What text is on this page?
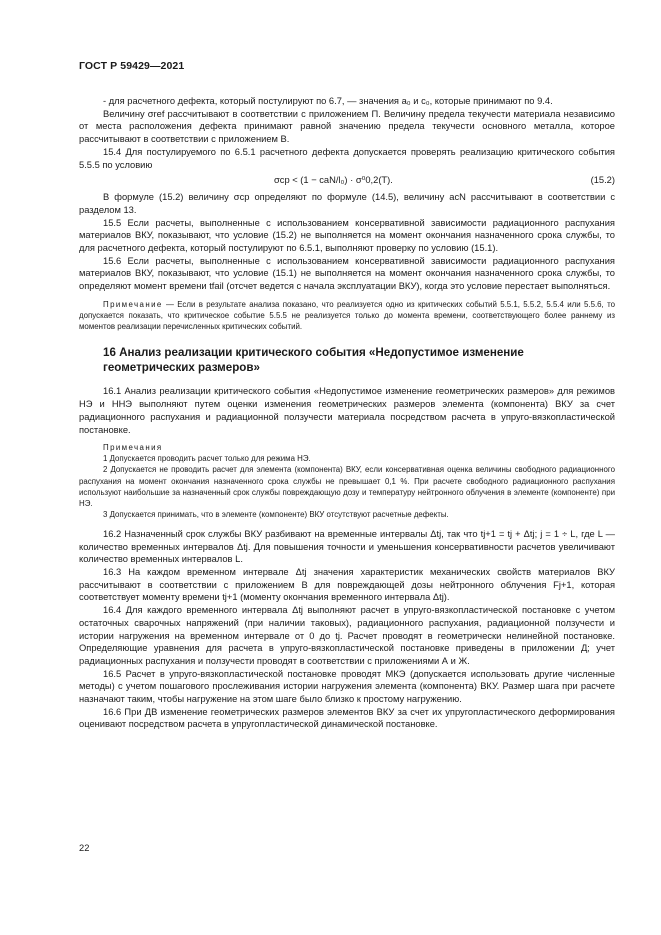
ГОСТ Р 59429—2021

- для расчетного дефекта, который постулируют по 6.7, — значения a₀ и c₀, которые принимают по 9.4.

Величину σref рассчитывают в соответствии с приложением П. Величину предела текучести материала независимо от места расположения дефекта принимают равной значению предела текучести основного металла, которое рассчитывают в соответствии с приложением В.

15.4 Для постулируемого по 6.5.1 расчетного дефекта допускается проверять реализацию критического события 5.5.5 по условию

σcp < (1 − caN/l₀) · σ⁰0,2(T).	(15.2)

В формуле (15.2) величину σcp определяют по формуле (14.5), величину acN рассчитывают в соответствии с разделом 13.

15.5 Если расчеты, выполненные с использованием консервативной зависимости радиационного распухания материалов ВКУ, показывают, что условие (15.2) не выполняется на момент окончания назначенного срока службы, то для расчетного дефекта, который постулируют по 6.5.1, выполняют проверку по условию (15.1).

15.6 Если расчеты, выполненные с использованием консервативной зависимости радиационного распухания материалов ВКУ, показывают, что условие (15.1) не выполняется на момент окончания назначенного срока службы, то определяют момент времени tfail (отсчет ведется с начала эксплуатации ВКУ), когда это условие перестает выполняться.

Примечание — Если в результате анализа показано, что реализуется одно из критических событий 5.5.1, 5.5.2, 5.5.4 или 5.5.6, то допускается показать, что критическое событие 5.5.5 не реализуется только до момента времени, соответствующего более раннему из моментов реализации перечисленных критических событий.

16 Анализ реализации критического события «Недопустимое изменение геометрических размеров»

16.1 Анализ реализации критического события «Недопустимое изменение геометрических размеров» для режимов НЭ и ННЭ выполняют путем оценки изменения геометрических размеров элемента (компонента) ВКУ за счет радиационного распухания и радиационной ползучести материала посредством расчета в упруго-вязкопластической постановке.

Примечания
1 Допускается проводить расчет только для режима НЭ.
2 Допускается не проводить расчет для элемента (компонента) ВКУ, если консервативная оценка величины свободного радиационного распухания на момент окончания назначенного срока службы не превышает 0,1 %. При расчете свободного радиационного распухания используют наибольшие за назначенный срок службы повреждающую дозу и температуру нейтронного облучения в элементе (компоненте) при НЭ.
3 Допускается принимать, что в элементе (компоненте) ВКУ отсутствуют расчетные дефекты.

16.2 Назначенный срок службы ВКУ разбивают на временные интервалы Δtj, так что tj+1 = tj + Δtj; j = 1 ÷ L, где L — количество временных интервалов Δtj. Для повышения точности и уменьшения консервативности расчетов увеличивают количество временных интервалов L.

16.3 На каждом временном интервале Δtj значения характеристик механических свойств материалов ВКУ рассчитывают в соответствии с приложением В для повреждающей дозы нейтронного облучения Fj+1, которая соответствует моменту времени tj+1 (моменту окончания временного интервала Δtj).

16.4 Для каждого временного интервала Δtj выполняют расчет в упруго-вязкопластической постановке с учетом остаточных сварочных напряжений (при наличии таковых), радиационного распухания, радиационной ползучести и истории нагружения на временном интервале от 0 до tj. Расчет проводят в геометрически нелинейной постановке. Определяющие уравнения для расчета в упруго-вязкопластической постановке приведены в приложении Д; учет радиационных распухания и ползучести проводят в соответствии с приложениями А и Ж.

16.5 Расчет в упруго-вязкопластической постановке проводят МКЭ (допускается использовать другие численные методы) с учетом пошагового прослеживания истории нагружения элемента (компонента) ВКУ. Размер шага при расчете назначают таким, чтобы нагружение на этом шаге было близко к простому нагружению.

16.6 При ДВ изменение геометрических размеров элементов ВКУ за счет их упругопластического деформирования оценивают посредством расчета в упругопластической динамической постановке.

22
